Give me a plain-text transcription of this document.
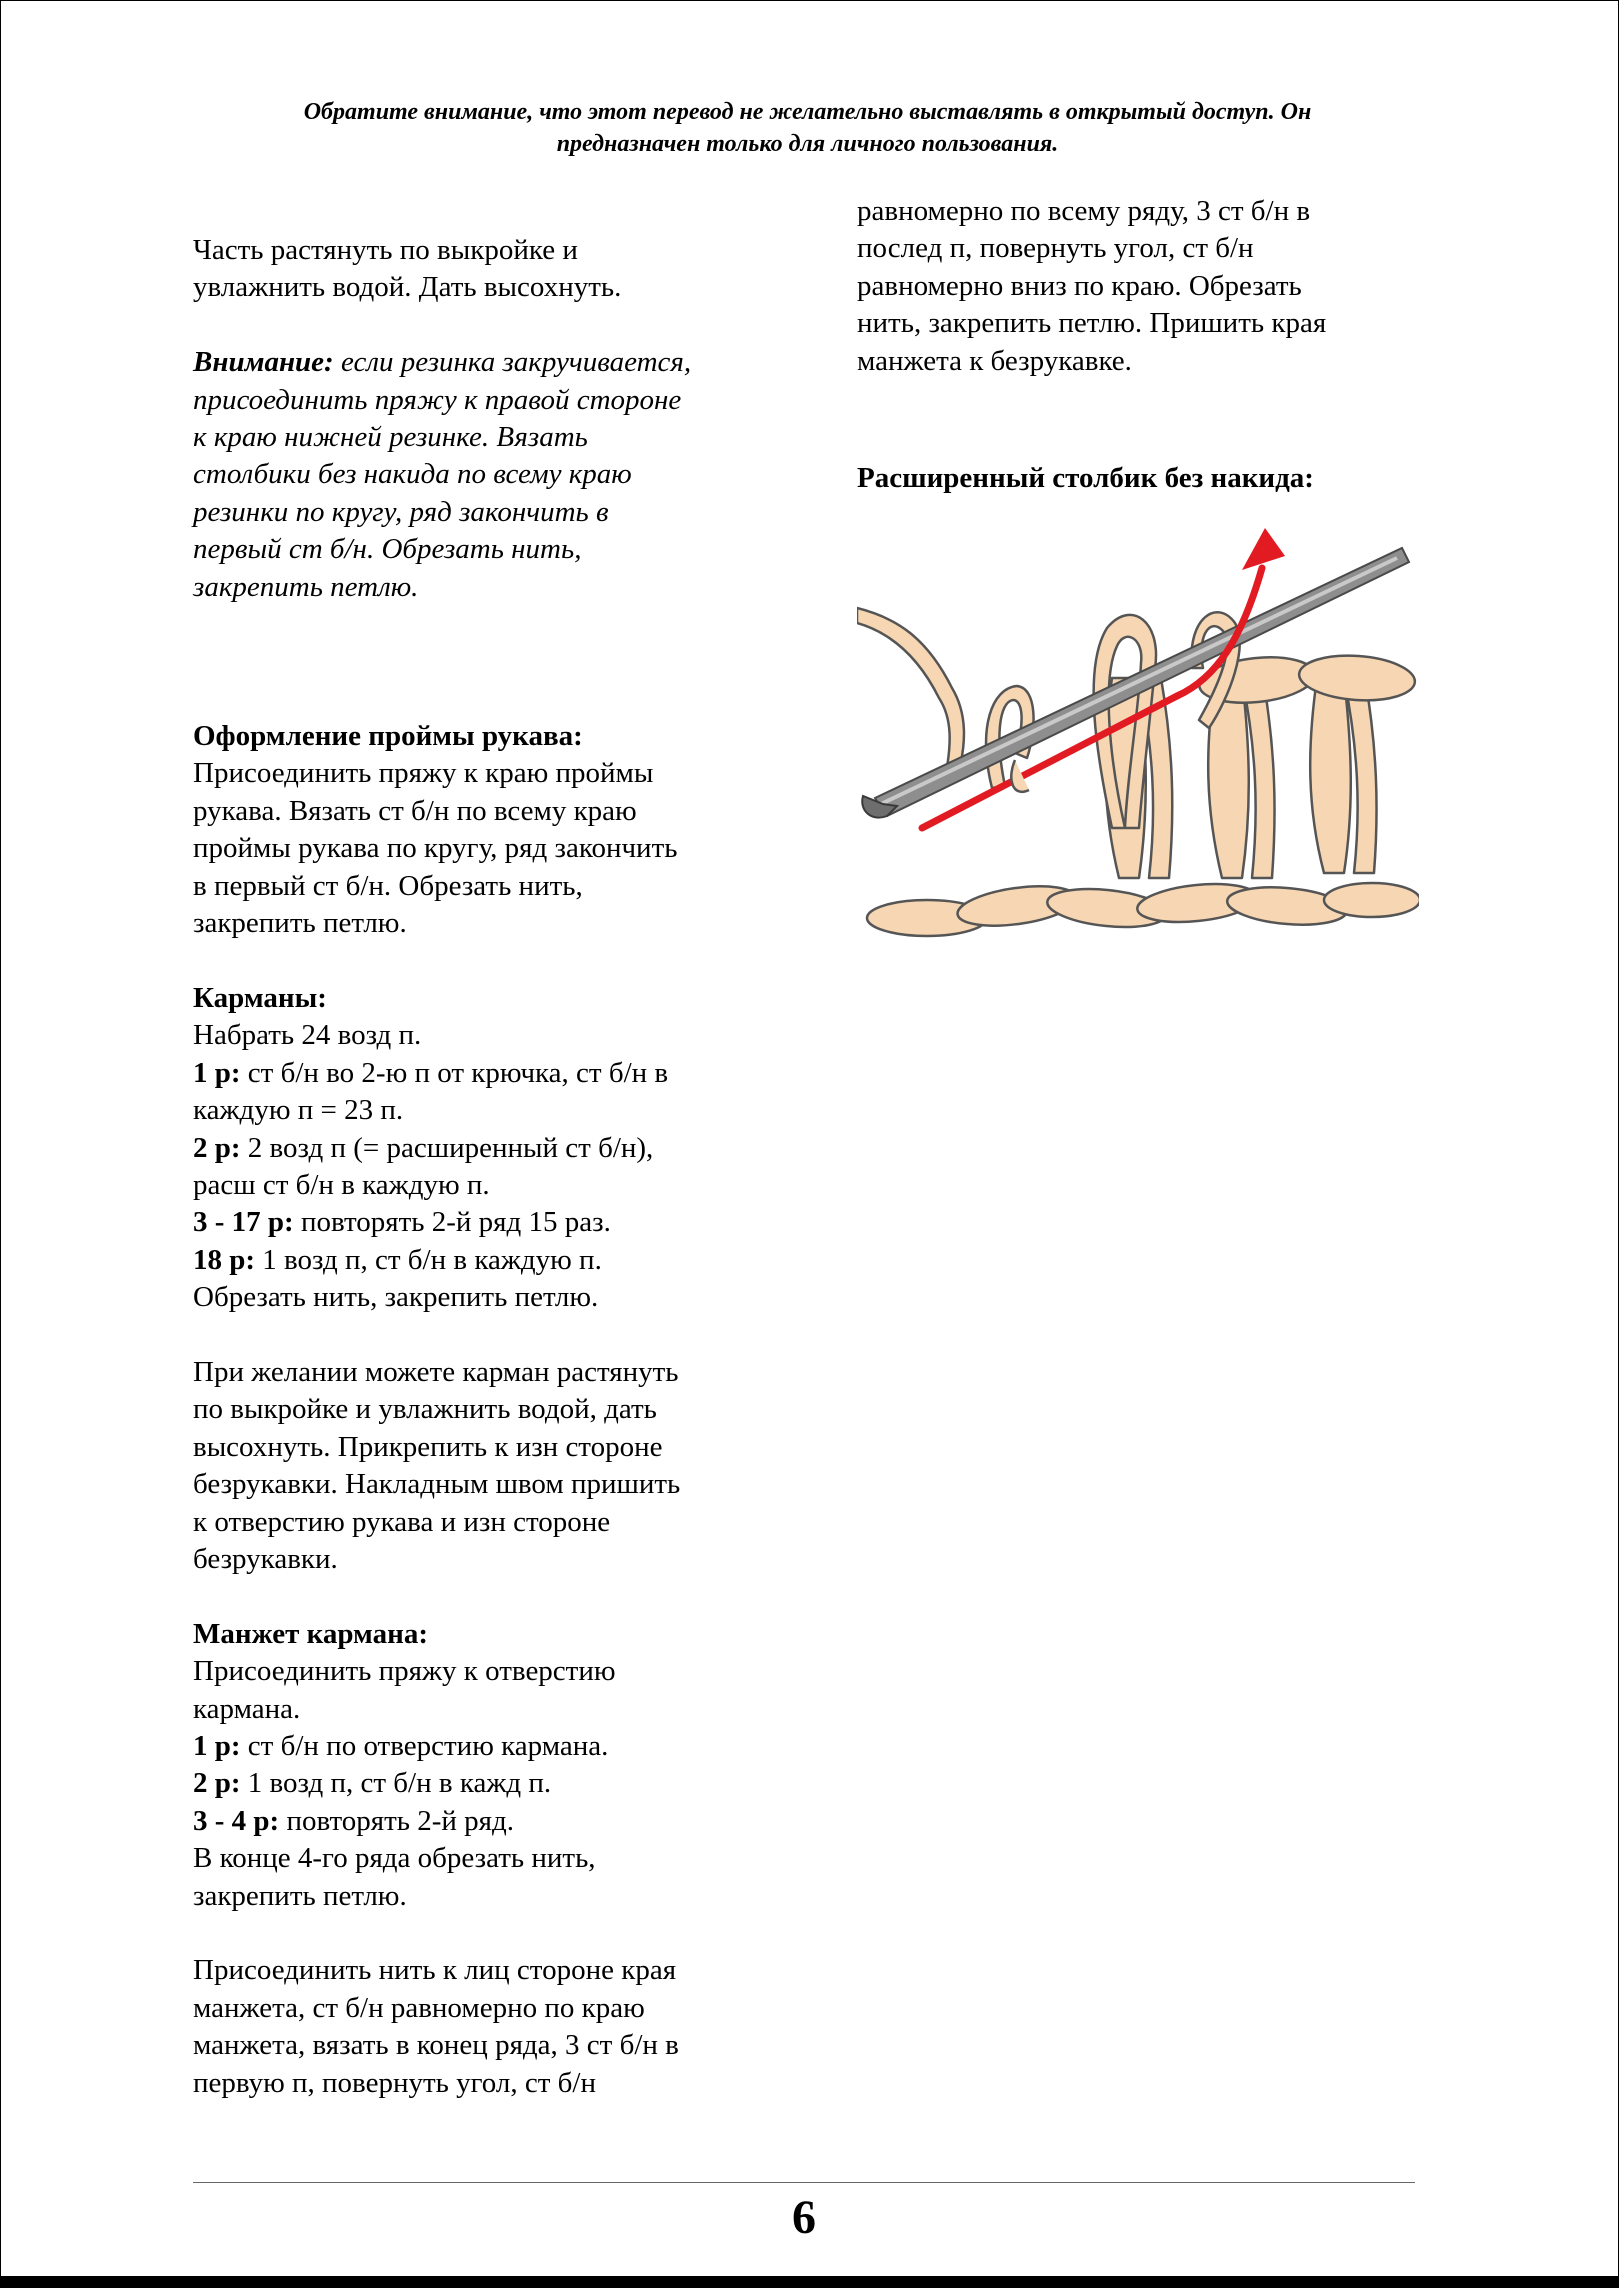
Обратите внимание, что этот перевод не желательно выставлять в открытый доступ. Он
предназначен только для личного пользования.
Часть растянуть по выкройке и
увлажнить водой. Дать высохнуть.
Внимание: если резинка закручивается,
присоединить пряжу к правой стороне
к краю нижней резинке. Вязать
столбики без накида по всему краю
резинки по кругу, ряд закончить в
первый ст б/н. Обрезать нить,
закрепить петлю.
Оформление проймы рукава:
Присоединить пряжу к краю проймы
рукава. Вязать ст б/н по всему краю
проймы рукава по кругу, ряд закончить
в первый ст б/н. Обрезать нить,
закрепить петлю.
Карманы:
Набрать 24 возд п.
1 р: ст б/н во 2-ю п от крючка, ст б/н в
каждую п = 23 п.
2 р: 2 возд п (= расширенный ст б/н),
расш ст б/н в каждую п.
3 - 17 р: повторять 2-й ряд 15 раз.
18 р: 1 возд п, ст б/н в каждую п.
Обрезать нить, закрепить петлю.
При желании можете карман растянуть
по выкройке и увлажнить водой, дать
высохнуть. Прикрепить к изн стороне
безрукавки. Накладным швом пришить
к отверстию рукава и изн стороне
безрукавки.
Манжет кармана:
Присоединить пряжу к отверстию
кармана.
1 р: ст б/н по отверстию кармана.
2 р: 1 возд п, ст б/н в кажд п.
3 - 4 р: повторять 2-й ряд.
В конце 4-го ряда обрезать нить,
закрепить петлю.
Присоединить нить к лиц стороне края
манжета, ст б/н равномерно по краю
манжета, вязать в конец ряда, 3 ст б/н в
первую п, повернуть угол, ст б/н
равномерно по всему ряду, 3 ст б/н в
послед п, повернуть угол, ст б/н
равномерно вниз по краю. Обрезать
нить, закрепить петлю. Пришить края
манжета к безрукавке.
Расширенный столбик без накида:
6
